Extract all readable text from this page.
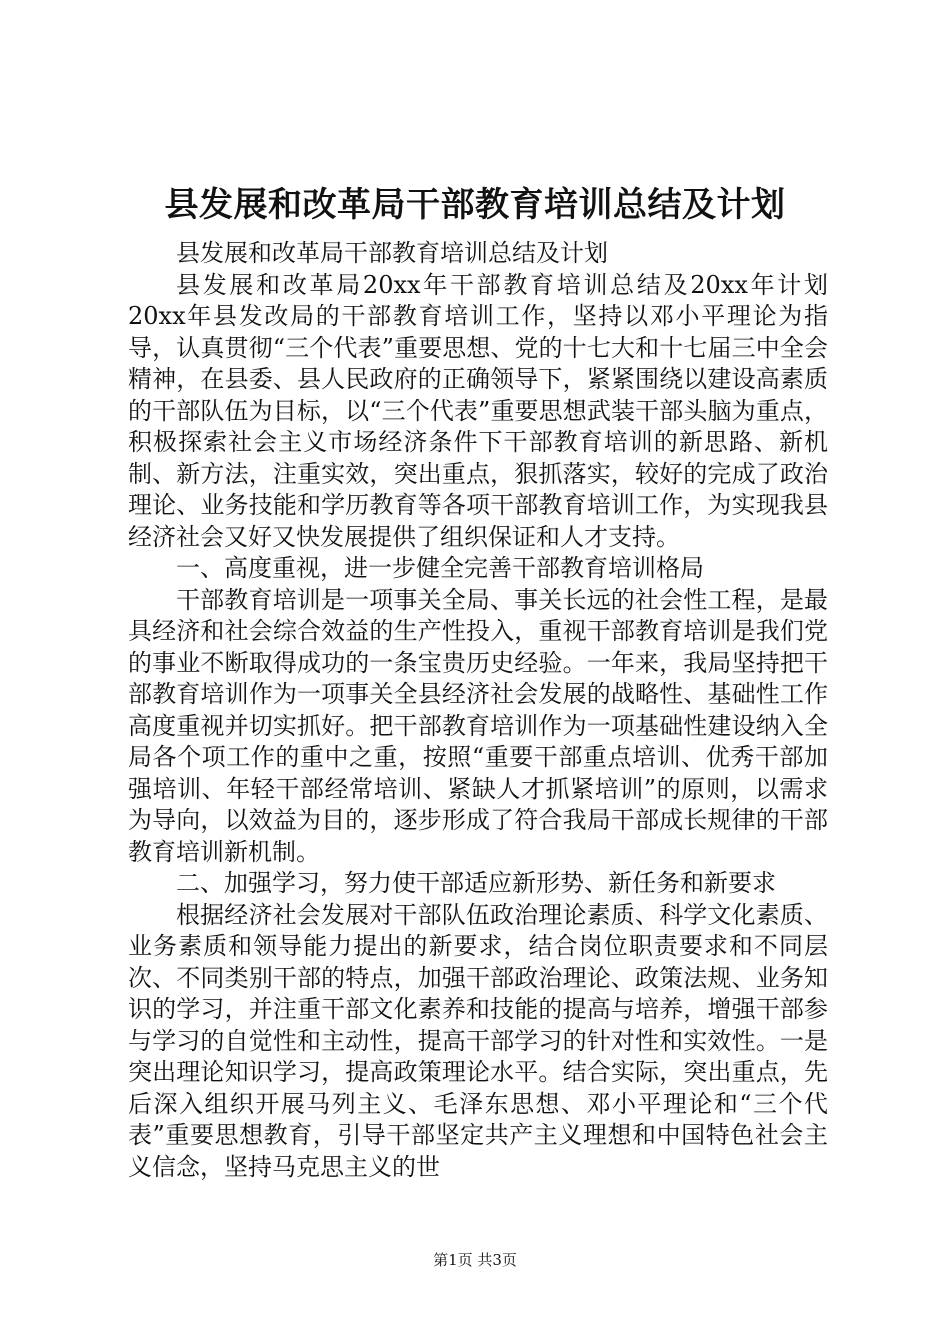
县发展和改革局干部教育培训总结及计划

县发展和改革局干部教育培训总结及计划

县发展和改革局20xx年干部教育培训总结及20xx年计划20xx年县发改局的干部教育培训工作，坚持以邓小平理论为指导，认真贯彻“三个代表”重要思想、党的十七大和十七届三中全会精神，在县委、县人民政府的正确领导下，紧紧围绕以建设高素质的干部队伍为目标，以“三个代表”重要思想武装干部头脑为重点，积极探索社会主义市场经济条件下干部教育培训的新思路、新机制、新方法，注重实效，突出重点，狠抓落实，较好的完成了政治理论、业务技能和学历教育等各项干部教育培训工作，为实现我县经济社会又好又快发展提供了组织保证和人才支持。

一、高度重视，进一步健全完善干部教育培训格局

干部教育培训是一项事关全局、事关长远的社会性工程，是最具经济和社会综合效益的生产性投入，重视干部教育培训是我们党的事业不断取得成功的一条宝贵历史经验。一年来，我局坚持把干部教育培训作为一项事关全县经济社会发展的战略性、基础性工作高度重视并切实抓好。把干部教育培训作为一项基础性建设纳入全局各个项工作的重中之重，按照“重要干部重点培训、优秀干部加强培训、年轻干部经常培训、紧缺人才抓紧培训”的原则，以需求为导向，以效益为目的，逐步形成了符合我局干部成长规律的干部教育培训新机制。

二、加强学习，努力使干部适应新形势、新任务和新要求

根据经济社会发展对干部队伍政治理论素质、科学文化素质、业务素质和领导能力提出的新要求，结合岗位职责要求和不同层次、不同类别干部的特点，加强干部政治理论、政策法规、业务知识的学习，并注重干部文化素养和技能的提高与培养，增强干部参与学习的自觉性和主动性，提高干部学习的针对性和实效性。一是突出理论知识学习，提高政策理论水平。结合实际，突出重点，先后深入组织开展马列主义、毛泽东思想、邓小平理论和“三个代表”重要思想教育，引导干部坚定共产主义理想和中国特色社会主义信念，坚持马克思主义的世

第1页 共3页
